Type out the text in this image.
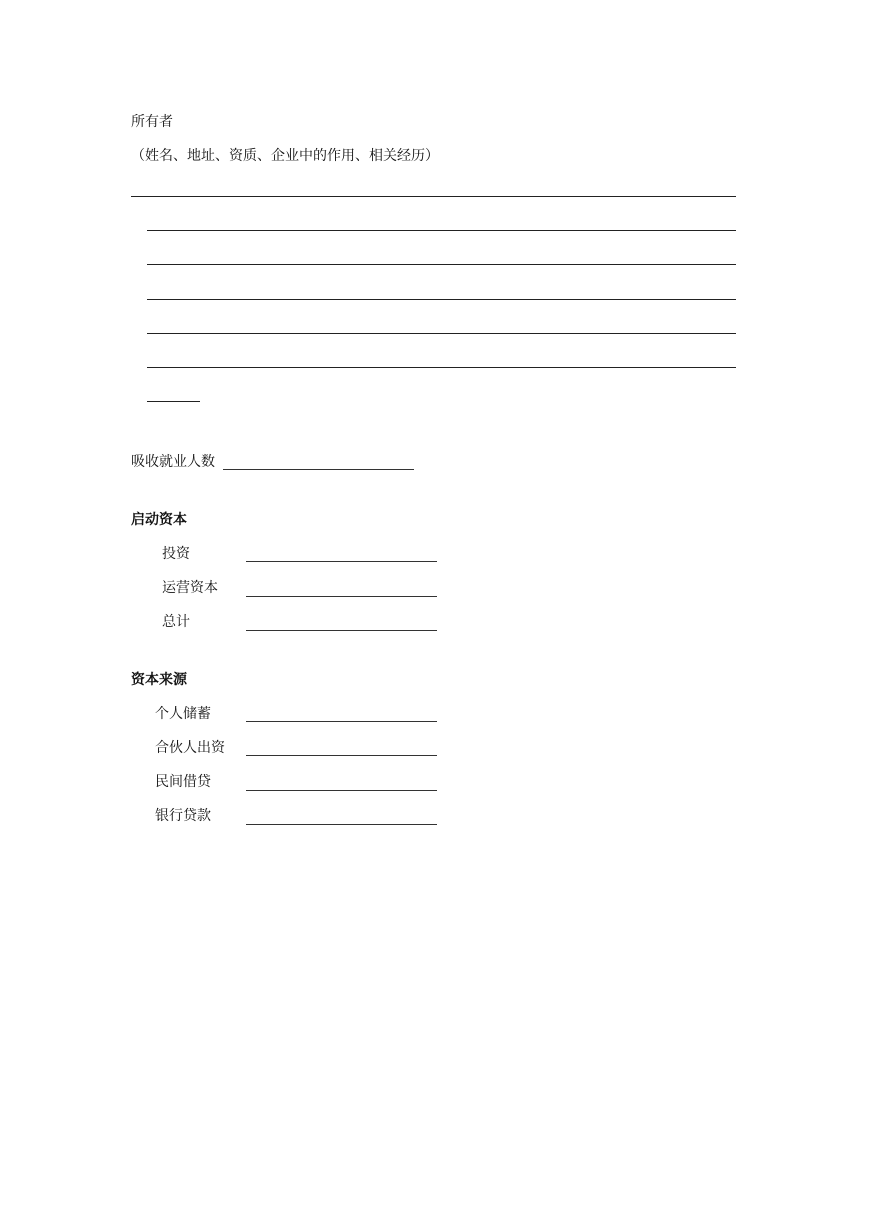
所有者
（姓名、地址、资质、企业中的作用、相关经历）
吸收就业人数
启动资本
投资
运营资本
总计
资本来源
个人储蓄
合伙人出资
民间借贷
银行贷款
